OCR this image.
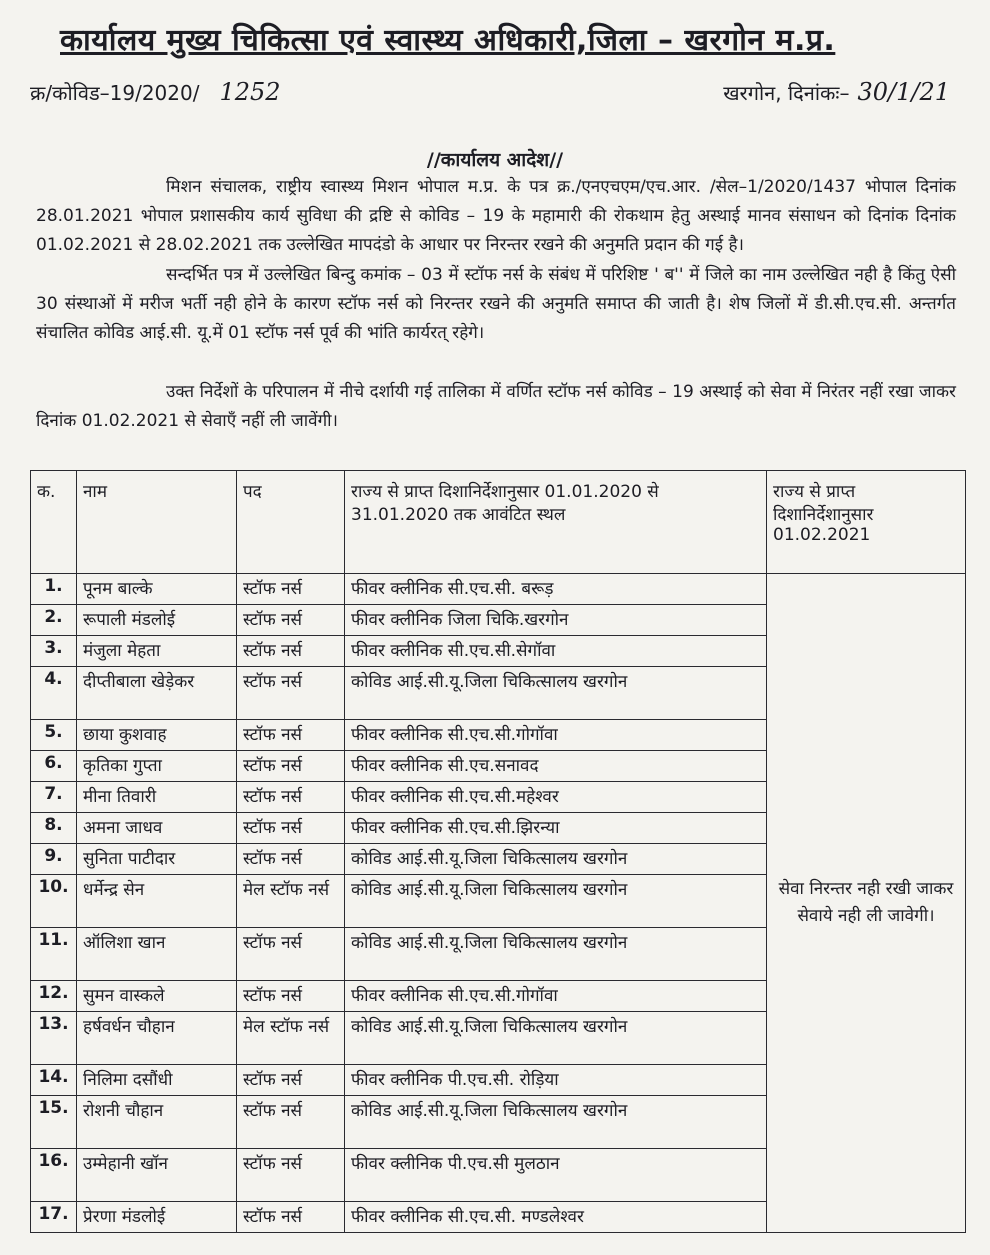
कार्यालय मुख्य चिकित्सा एवं स्वास्थ्य अधिकारी,जिला – खरगोन म.प्र.
क्र/कोविड–19/2020/ 1252	खरगोन, दिनांकः– 30/1/21
//कार्यालय आदेश//
मिशन संचालक, राष्ट्रीय स्वास्थ्य मिशन भोपाल म.प्र. के पत्र क्र./एनएचएम/एच.आर. /सेल–1/2020/1437 भोपाल दिनांक 28.01.2021 भोपाल प्रशासकीय कार्य सुविधा की द्रष्टि से कोविड – 19 के महामारी की रोकथाम हेतु अस्थाई मानव संसाधन को दिनांक दिनांक 01.02.2021 से 28.02.2021 तक उल्लेखित मापदंडो के आधार पर निरन्तर रखने की अनुमति प्रदान की गई है।
सन्दर्भित पत्र में उल्लेखित बिन्दु कमांक – 03 में स्टॉफ नर्स के संबंध में परिशिष्ट ' ब'' में जिले का नाम उल्लेखित नही है किंतु ऐसी 30 संस्थाओं में मरीज भर्ती नही होने के कारण स्टॉफ नर्स को निरन्तर रखने की अनुमति समाप्त की जाती है। शेष जिलों में डी.सी.एच.सी. अन्तर्गत संचालित कोविड आई.सी. यू.में 01 स्टॉफ नर्स पूर्व की भांति कार्यरत् रहेगे।
उक्त निर्देशों के परिपालन में नीचे दर्शायी गई तालिका में वर्णित स्टॉफ नर्स कोविड – 19 अस्थाई को सेवा में निरंतर नहीं रखा जाकर दिनांक 01.02.2021 से सेवाएँ नहीं ली जावेंगी।
क.	नाम	पद	राज्य से प्राप्त दिशानिर्देशानुसार 01.01.2020 से 31.01.2020 तक आवंटित स्थल	राज्य से प्राप्त दिशानिर्देशानुसार 01.02.2021
1.	पूनम बाल्के	स्टॉफ नर्स	फीवर क्लीनिक सी.एच.सी. बरूड़	सेवा निरन्तर नही रखी जाकर सेवाये नही ली जावेगी।
2.	रूपाली मंडलोई	स्टॉफ नर्स	फीवर क्लीनिक जिला चिकि.खरगोन	
3.	मंजुला मेहता	स्टॉफ नर्स	फीवर क्लीनिक सी.एच.सी.सेगॉवा	
4.	दीप्तीबाला खेड़ेकर	स्टॉफ नर्स	कोविड आई.सी.यू.जिला चिकित्सालय खरगोन	
5.	छाया कुशवाह	स्टॉफ नर्स	फीवर क्लीनिक सी.एच.सी.गोगॉवा	
6.	कृतिका गुप्ता	स्टॉफ नर्स	फीवर क्लीनिक सी.एच.सनावद	
7.	मीना तिवारी	स्टॉफ नर्स	फीवर क्लीनिक सी.एच.सी.महेश्वर	
8.	अमना जाधव	स्टॉफ नर्स	फीवर क्लीनिक सी.एच.सी.झिरन्या	
9.	सुनिता पाटीदार	स्टॉफ नर्स	कोविड आई.सी.यू.जिला चिकित्सालय खरगोन	
10.	धर्मेन्द्र सेन	मेल स्टॉफ नर्स	कोविड आई.सी.यू.जिला चिकित्सालय खरगोन	
11.	ऑलिशा खान	स्टॉफ नर्स	कोविड आई.सी.यू.जिला चिकित्सालय खरगोन	
12.	सुमन वास्कले	स्टॉफ नर्स	फीवर क्लीनिक सी.एच.सी.गोगॉवा	
13.	हर्षवर्धन चौहान	मेल स्टॉफ नर्स	कोविड आई.सी.यू.जिला चिकित्सालय खरगोन	
14.	निलिमा दसौंधी	स्टॉफ नर्स	फीवर क्लीनिक पी.एच.सी. रोड़िया	
15.	रोशनी चौहान	स्टॉफ नर्स	कोविड आई.सी.यू.जिला चिकित्सालय खरगोन	
16.	उम्मेहानी खॉन	स्टॉफ नर्स	फीवर क्लीनिक पी.एच.सी मुलठान	
17.	प्रेरणा मंडलोई	स्टॉफ नर्स	फीवर क्लीनिक सी.एच.सी. मण्डलेश्वर	
